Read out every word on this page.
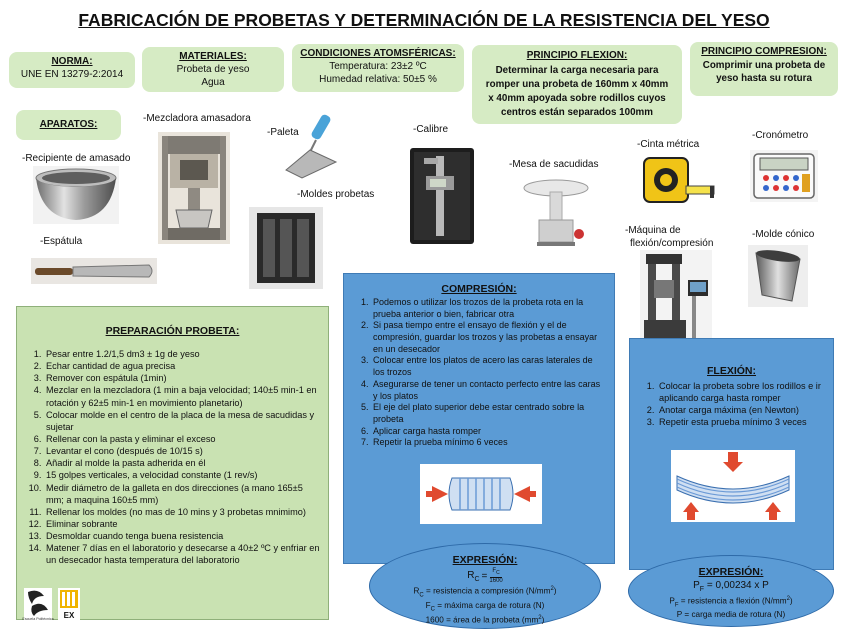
FABRICACIÓN DE PROBETAS Y DETERMINACIÓN DE LA RESISTENCIA DEL YESO
NORMA:
UNE EN 13279-2:2014
MATERIALES:
Probeta de yeso
Agua
CONDICIONES ATOMSFÉRICAS:
Temperatura: 23±2 ºC
Humedad relativa: 50±5 %
PRINCIPIO FLEXION:
Determinar la carga necesaria para romper una probeta de 160mm x 40mm x 40mm apoyada sobre rodillos cuyos centros están separados 100mm
PRINCIPIO COMPRESION:
Comprimir una probeta de yeso hasta su rotura
APARATOS:
-Recipiente de amasado
-Mezcladora amasadora
-Paleta	-Calibre
-Moldes probetas
-Mesa de sacudidas
-Cinta métrica
-Cronómetro
-Espátula
-Máquina de
flexión/compresión
-Molde cónico
PREPARACIÓN PROBETA:
1. Pesar entre 1.2/1,5 dm3 ± 1g de yeso
2. Echar cantidad de agua precisa
3. Remover con espátula (1min)
4. Mezclar en la mezcladora (1 min a baja velocidad; 140±5 min-1 en rotación y 62±5 min-1 en movimiento planetario)
5. Colocar molde en el centro de la placa de la mesa de sacudidas y sujetar
6. Rellenar con la pasta y eliminar el exceso
7. Levantar el cono (después de 10/15 s)
8. Añadir al molde la pasta adherida en él
9. 15 golpes verticales, a velocidad constante (1 rev/s)
10. Medir diámetro de la galleta en dos direcciones (a mano 165±5 mm; a maquina 160±5 mm)
11. Rellenar los moldes (no mas de 10 mins y 3 probetas mnimimo)
12. Eliminar sobrante
13. Desmoldar cuando tenga buena resistencia
14. Matener 7 días en el laboratorio y desecarse a 40±2 ºC y enfriar en un desecador hasta temperatura del laboratorio
Escuela Politécnica EX
COMPRESIÓN:
1. Podemos o utilizar los trozos de la probeta rota en la prueba anterior o bien, fabricar otra
2. Si pasa tiempo entre el ensayo de flexión y el de compresión, guardar los trozos y las probetas a ensayar en un desecador
3. Colocar entre los platos de acero las caras laterales de los trozos
4. Asegurarse de tener un contacto perfecto entre las caras y los platos
5. El eje del plato superior debe estar centrado sobre la probeta
6. Aplicar carga hasta romper
7. Repetir la prueba mínimo 6 veces
FLEXIÓN:
1. Colocar la probeta sobre los rodillos e ir aplicando carga hasta romper
2. Anotar carga máxima (en Newton)
3. Repetir esta prueba mínimo 3 veces
EXPRESIÓN:
$R_C = \frac{F_C}{1600}$
$R_C$ = resistencia a compresión $(N/mm^2)$
$F_C$ = máxima carga de rotura (N)
1600 = área de la probeta $(mm^2)$
EXPRESIÓN:
$P_F = 0,00234$ x P
$P_F$ = resistencia a flexión $(N/mm^2)$
P = carga media de rotura (N)
